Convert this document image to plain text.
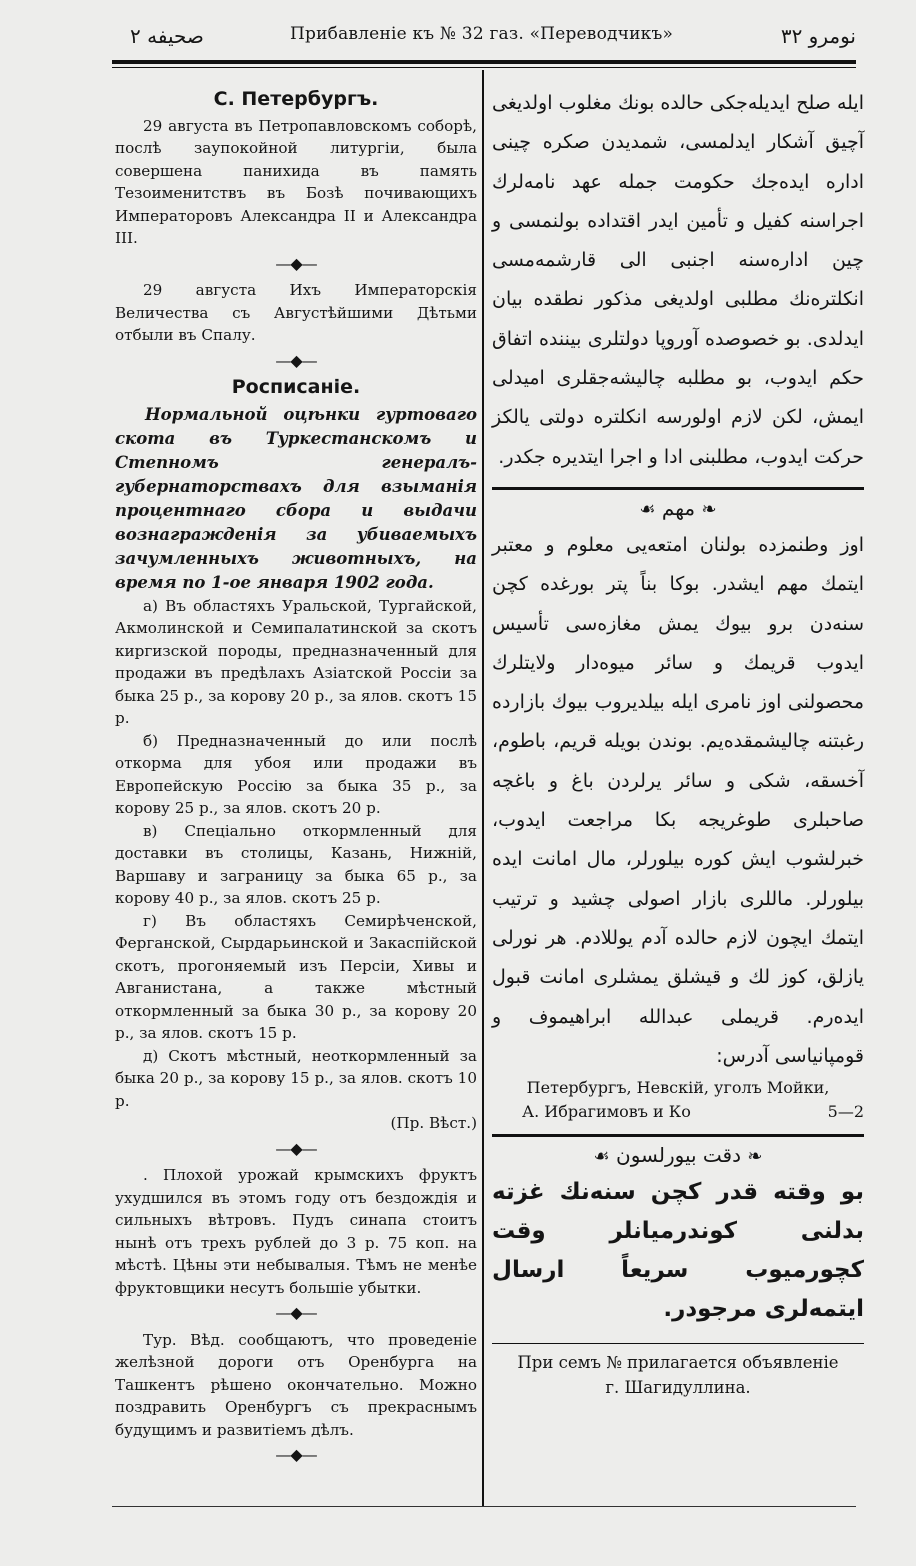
صحيفه ٢	Прибавленіе къ № 32 газ. «Переводчикъ»	نومرو ٣٢
С. Петербургъ.

29 августа въ Петропавловскомъ соборѣ, послѣ заупокойной литургіи, была совершена панихида въ память Тезоименитствъ въ Бозѣ почивающихъ Императоровъ Александра II и Александра III.

—◆—

29 августа Ихъ Императорскія Величества съ Августѣйшими Дѣтьми отбыли въ Спалу.

—◆—
Росписаніе.

Нормальной оцѣнки гуртоваго скота въ Туркестанскомъ и Степномъ генералъ-губернаторствахъ для взыманія процентнаго сбора и выдачи вознагражденія за убиваемыхъ зачумленныхъ животныхъ, на время по 1-ое января 1902 года.

а) Въ областяхъ Уральской, Тургайской, Акмолинской и Семипалатинской за скотъ киргизской породы, предназначенный для продажи въ предѣлахъ Азіатской Россіи за быка 25 р., за корову 20 р., за ялов. скотъ 15 р.

б) Предназначенный до или послѣ откорма для убоя или продажи въ Европейскую Россію за быка 35 р., за корову 25 р., за ялов. скотъ 20 р.

в) Спеціально откормленный для доставки въ столицы, Казань, Нижній, Варшаву и заграницу за быка 65 р., за корову 40 р., за ялов. скотъ 25 р.

г) Въ областяхъ Семирѣченской, Ферганской, Сырдарьинской и Закаспійской скотъ, прогоняемый изъ Персіи, Хивы и Авганистана, а также мѣстный откормленный за быка 30 р., за корову 20 р., за ялов. скотъ 15 р.

д) Скотъ мѣстный, неоткормленный за быка 20 р., за корову 15 р., за ялов. скотъ 10 р.

(Пр. Вѣст.)

—◆—

. Плохой урожай крымскихъ фруктъ ухудшился въ этомъ году отъ бездождія и сильныхъ вѣтровъ. Пудъ синапа стоитъ нынѣ отъ трехъ рублей до 3 р. 75 коп. на мѣстѣ. Цѣны эти небывалыя. Тѣмъ не менѣе фруктовщики несутъ большіе убытки.

—◆—

Тур. Вѣд. сообщаютъ, что проведеніе желѣзной дороги отъ Оренбурга на Ташкентъ рѣшено окончательно. Можно поздравить Оренбургъ съ прекраснымъ будущимъ и развитіемъ дѣлъ.

—◆—

ايله صلح ايديله‌جكى حالده بونك مغلوب اولديغى آچيق آشكار ايدلمسى، شمديدن صكره چينى اداره ايده‌جك حكومت جمله عهد نامه‌لرك اجراسنه كفيل و تأمين ايدر اقتداده بولنمسى و چين اداره‌سنه اجنبى الى قارشمه‌مسى انكلتره‌نك مطلبى اولديغى مذكور نطقده بيان ايدلدى. بو خصوصده آوروپا دولتلرى بيننده اتفاق حكم ايدوب، بو مطلبه چاليشه‌جقلرى اميدلى ايمش، لكن لازم اولورسه انكلتره دولتى يالكز حركت ايدوب، مطلبنى ادا و اجرا ايتديره جكدر.

❧ مهم ☙

اوز وطنمزده بولنان امتعه‌يى معلوم و معتبر ايتمك مهم ايشدر. بوكا بناً پتر بورغده كچن سنه‌دن برو بيوك يمش مغازه‌سى تأسيس ايدوب قريمك و سائر ميوه‌دار ولايتلرك محصولنى اوز نامرى ايله بيلديروب بيوك بازارده رغبتنه چاليشمقده‌يم. بوندن بويله قريم، باطوم، آخسقه، شكى و سائر يرلردن باغ و باغچه صاحبلرى طوغريجه بكا مراجعت ايدوب، خبرلشوب ايش كوره بيلورلر، مال امانت ايده بيلورلر. ماللرى بازار اصولى چشيد و ترتيب ايتمك ايچون لازم حالده آدم يوللادم. هر نورلى يازلق، كوز لك و قيشلق يمشلرى امانت قبول ايده‌رم. قريملى عبدالله ابراهيموف و قومپانياسى آدرس:

Петербургъ, Невскій, уголъ Мойки,

А. Ибрагимовъ и Ко	5—2

❧ دقت بيورلسون ☙

بو وقته قدر كچن سنه‌نك غزته بدلنى كوندرميانلر وقت كچورميوب سريعاً ارسال ايتمه‌لرى مرجودر.

При семъ № прилагается объявленіе

г. Шагидуллина.
